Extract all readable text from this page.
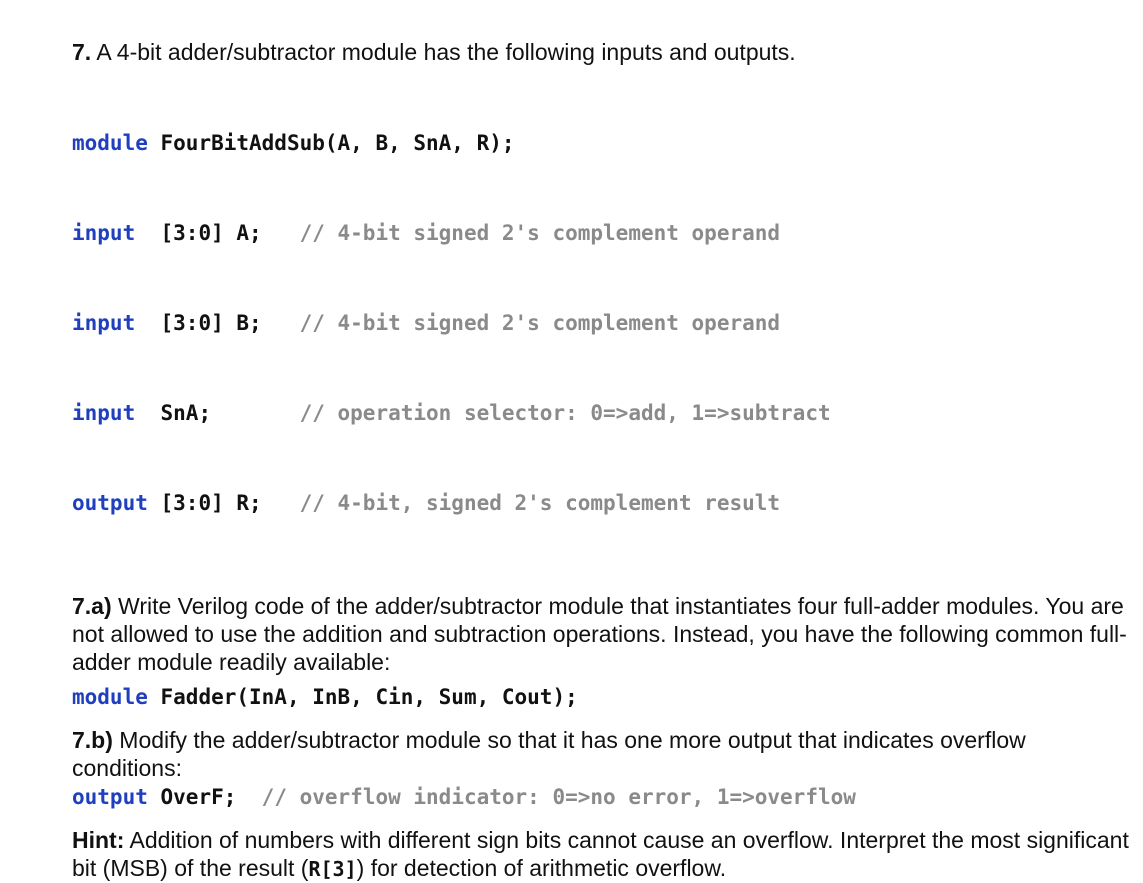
7. A 4-bit adder/subtractor module has the following inputs and outputs.

module FourBitAddSub(A, B, SnA, R);

input [3:0] A;   // 4-bit signed 2's complement operand

input [3:0] B;   // 4-bit signed 2's complement operand

input SnA;       // operation selector: 0=>add, 1=>subtract

output [3:0] R;   // 4-bit, signed 2's complement result

7.a) Write Verilog code of the adder/subtractor module that instantiates four full-adder modules. You are not allowed to use the addition and subtraction operations. Instead, you have the following common full-adder module readily available:

module Fadder(InA, InB, Cin, Sum, Cout);

7.b) Modify the adder/subtractor module so that it has one more output that indicates overflow conditions:

output OverF; // overflow indicator: 0=>no error, 1=>overflow

Hint: Addition of numbers with different sign bits cannot cause an overflow. Interpret the most significant bit (MSB) of the result (R[3]) for detection of arithmetic overflow.
